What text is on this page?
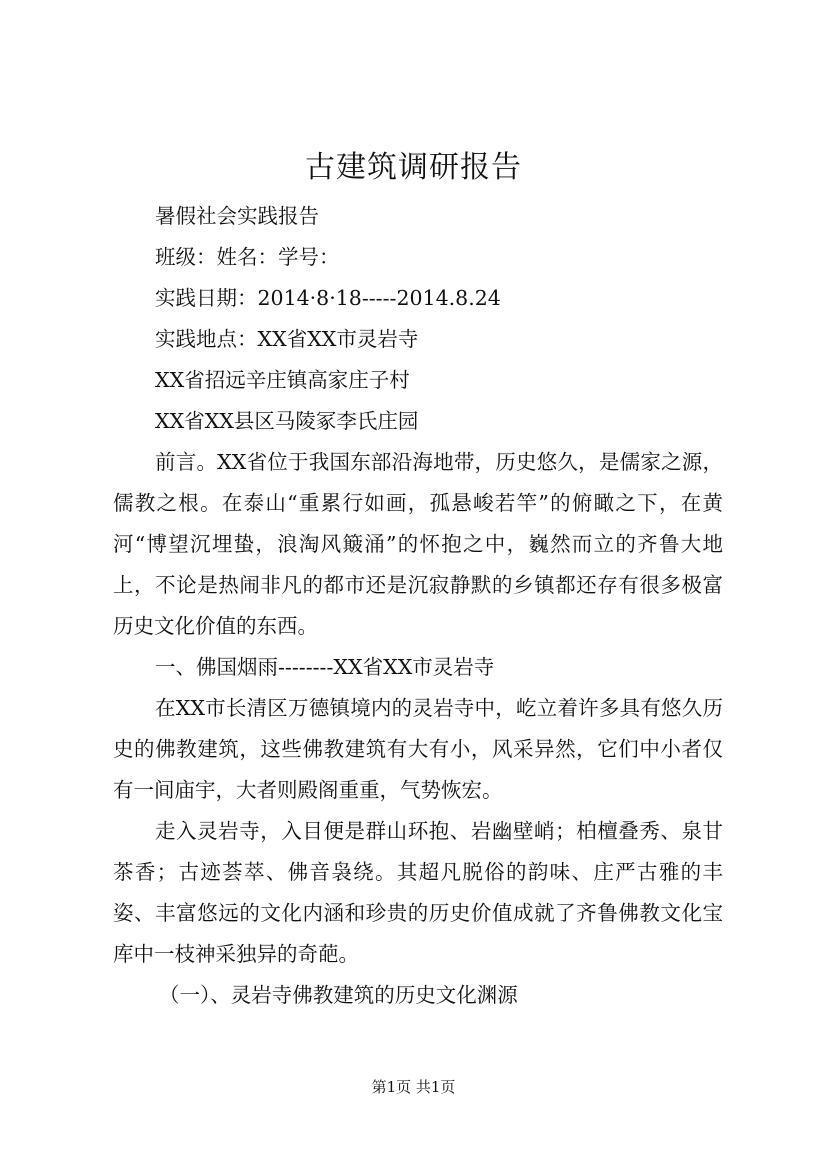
古建筑调研报告

暑假社会实践报告

班级：姓名：学号：

实践日期：2014·8·18-----2014.8.24

实践地点：XX省XX市灵岩寺

XX省招远辛庄镇高家庄子村

XX省XX县区马陵冢李氏庄园

前言。XX省位于我国东部沿海地带，历史悠久，是儒家之源，儒教之根。在泰山“重累行如画，孤悬峻若竿”的俯瞰之下，在黄河“博望沉埋蛰，浪淘风簸涌”的怀抱之中，巍然而立的齐鲁大地上，不论是热闹非凡的都市还是沉寂静默的乡镇都还存有很多极富历史文化价值的东西。

一、佛国烟雨--------XX省XX市灵岩寺

在XX市长清区万德镇境内的灵岩寺中，屹立着许多具有悠久历史的佛教建筑，这些佛教建筑有大有小，风采异然，它们中小者仅有一间庙宇，大者则殿阁重重，气势恢宏。

走入灵岩寺，入目便是群山环抱、岩幽壁峭；柏檀叠秀、泉甘茶香；古迹荟萃、佛音袅绕。其超凡脱俗的韵味、庄严古雅的丰姿、丰富悠远的文化内涵和珍贵的历史价值成就了齐鲁佛教文化宝库中一枝神采独异的奇葩。

（一）、灵岩寺佛教建筑的历史文化渊源

第1页 共1页
